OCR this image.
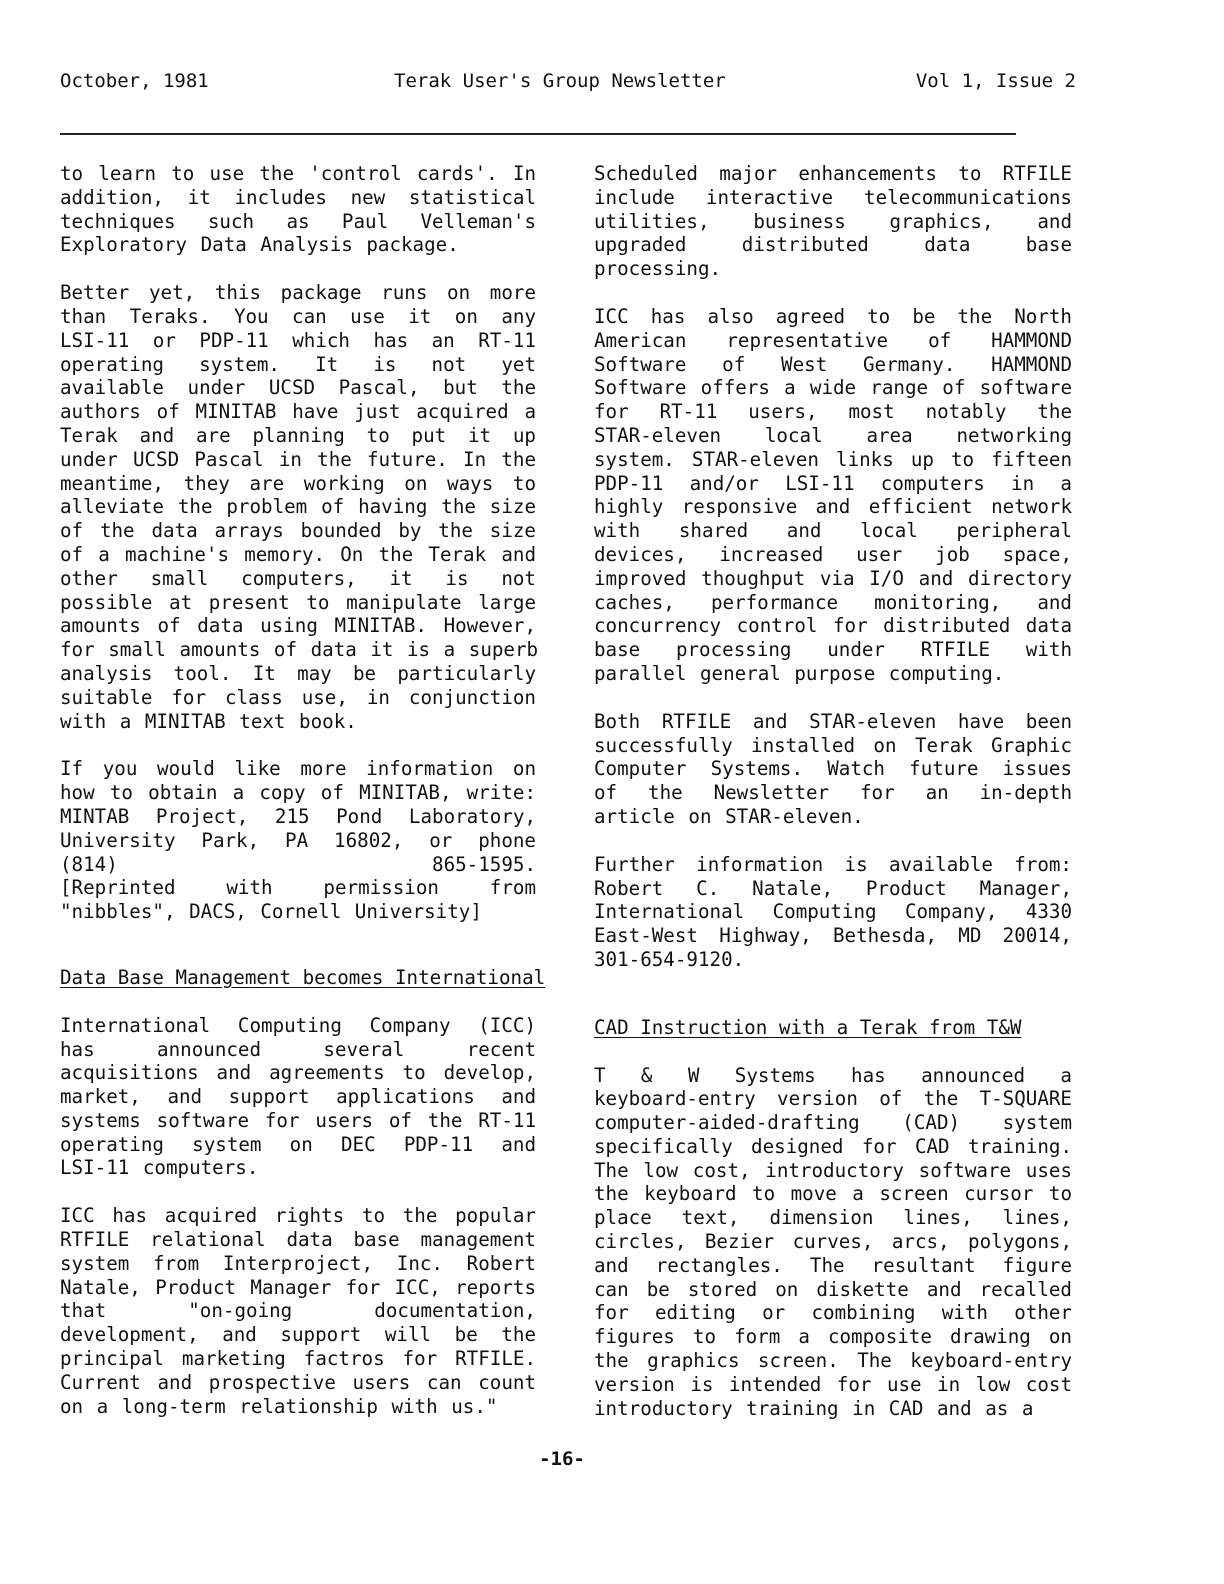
October, 1981	Terak User's Group Newsletter	Vol 1, Issue 2

to learn to use the 'control cards'. In
addition, it includes new statistical
techniques such as Paul Velleman's
Exploratory Data Analysis package.

Better yet, this package runs on more
than Teraks. You can use it on any
LSI-11 or PDP-11 which has an RT-11
operating system. It is not yet
available under UCSD Pascal, but the
authors of MINITAB have just acquired a
Terak and are planning to put it up
under UCSD Pascal in the future. In the
meantime, they are working on ways to
alleviate the problem of having the size
of the data arrays bounded by the size
of a machine's memory. On the Terak and
other small computers, it is not
possible at present to manipulate large
amounts of data using MINITAB. However,
for small amounts of data it is a superb
analysis tool. It may be particularly
suitable for class use, in conjunction
with a MINITAB text book.

If you would like more information on
how to obtain a copy of MINITAB, write:
MINTAB Project, 215 Pond Laboratory,
University Park, PA 16802, or phone
(814) 865-1595.
[Reprinted with permission from
"nibbles", DACS, Cornell University]

Data Base Management becomes International

International Computing Company (ICC)
has announced several recent
acquisitions and agreements to develop,
market, and support applications and
systems software for users of the RT-11
operating system on DEC PDP-11 and
LSI-11 computers.

ICC has acquired rights to the popular
RTFILE relational data base management
system from Interproject, Inc. Robert
Natale, Product Manager for ICC, reports
that "on-going documentation,
development, and support will be the
principal marketing factros for RTFILE.
Current and prospective users can count
on a long-term relationship with us."

Scheduled major enhancements to RTFILE
include interactive telecommunications
utilities, business graphics, and
upgraded distributed data base
processing.

ICC has also agreed to be the North
American representative of HAMMOND
Software of West Germany. HAMMOND
Software offers a wide range of software
for RT-11 users, most notably the
STAR-eleven local area networking
system. STAR-eleven links up to fifteen
PDP-11 and/or LSI-11 computers in a
highly responsive and efficient network
with shared and local peripheral
devices, increased user job space,
improved thoughput via I/O and directory
caches, performance monitoring, and
concurrency control for distributed data
base processing under RTFILE with
parallel general purpose computing.

Both RTFILE and STAR-eleven have been
successfully installed on Terak Graphic
Computer Systems. Watch future issues
of the Newsletter for an in-depth
article on STAR-eleven.

Further information is available from:
Robert C. Natale, Product Manager,
International Computing Company, 4330
East-West Highway, Bethesda, MD 20014,
301-654-9120.

CAD Instruction with a Terak from T&W

T & W Systems has announced a
keyboard-entry version of the T-SQUARE
computer-aided-drafting (CAD) system
specifically designed for CAD training.
The low cost, introductory software uses
the keyboard to move a screen cursor to
place text, dimension lines, lines,
circles, Bezier curves, arcs, polygons,
and rectangles. The resultant figure
can be stored on diskette and recalled
for editing or combining with other
figures to form a composite drawing on
the graphics screen. The keyboard-entry
version is intended for use in low cost
introductory training in CAD and as a

-16-
